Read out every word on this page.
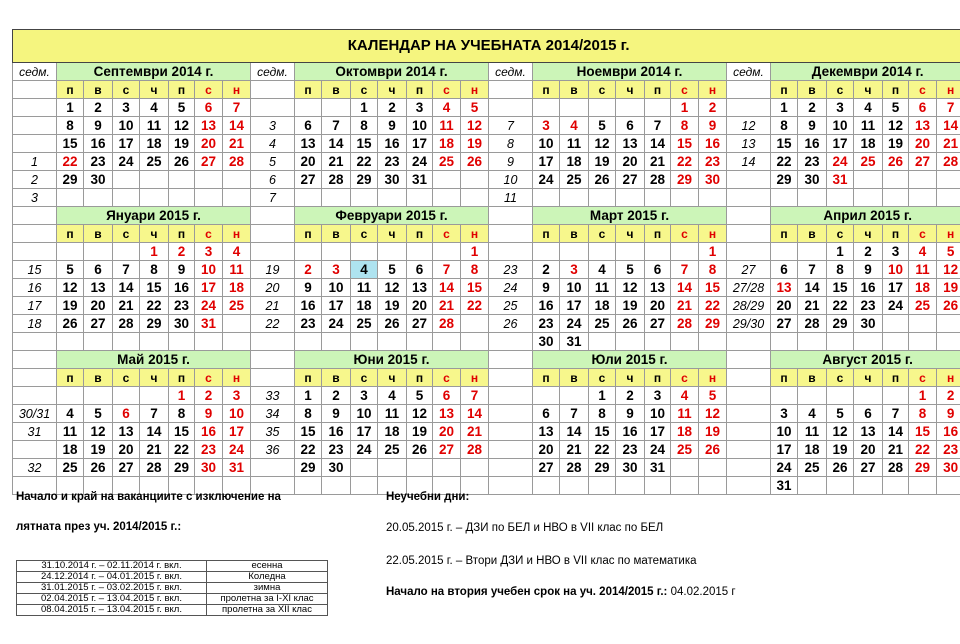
КАЛЕНДАР НА УЧЕБНАТА 2014/2015 г.																															
седм.	Септември 2014 г.							седм.	Октомври 2014 г.							седм.	Ноември 2014 г.							седм.	Декември 2014 г.						
	п	в	с	ч	п	с	н		п	в	с	ч	п	с	н		п	в	с	ч	п	с	н		п	в	с	ч	п	с	н
	1	2	3	4	5	6	7				1	2	3	4	5							1	2		1	2	3	4	5	6	7
	8	9	10	11	12	13	14	3	6	7	8	9	10	11	12	7	3	4	5	6	7	8	9	12	8	9	10	11	12	13	14
	15	16	17	18	19	20	21	4	13	14	15	16	17	18	19	8	10	11	12	13	14	15	16	13	15	16	17	18	19	20	21
1	22	23	24	25	26	27	28	5	20	21	22	23	24	25	26	9	17	18	19	20	21	22	23	14	22	23	24	25	26	27	28
2	29	30						6	27	28	29	30	31			10	24	25	26	27	28	29	30		29	30	31				
3								7								11															
	Януари 2015 г.								Февруари 2015 г.								Март 2015 г.								Април 2015 г.						
	п	в	с	ч	п	с	н		п	в	с	ч	п	с	н		п	в	с	ч	п	с	н		п	в	с	ч	п	с	н
				1	2	3	4								1								1				1	2	3	4	5
15	5	6	7	8	9	10	11	19	2	3	4	5	6	7	8	23	2	3	4	5	6	7	8	27	6	7	8	9	10	11	12
16	12	13	14	15	16	17	18	20	9	10	11	12	13	14	15	24	9	10	11	12	13	14	15	27/28	13	14	15	16	17	18	19
17	19	20	21	22	23	24	25	21	16	17	18	19	20	21	22	25	16	17	18	19	20	21	22	28/29	20	21	22	23	24	25	26
18	26	27	28	29	30	31		22	23	24	25	26	27	28		26	23	24	25	26	27	28	29	29/30	27	28	29	30			
																	30	31													
	Май 2015 г.								Юни 2015 г.								Юли 2015 г.								Август 2015 г.						
	п	в	с	ч	п	с	н		п	в	с	ч	п	с	н		п	в	с	ч	п	с	н		п	в	с	ч	п	с	н
					1	2	3	33	1	2	3	4	5	6	7				1	2	3	4	5							1	2
30/31	4	5	6	7	8	9	10	34	8	9	10	11	12	13	14		6	7	8	9	10	11	12		3	4	5	6	7	8	9
31	11	12	13	14	15	16	17	35	15	16	17	18	19	20	21		13	14	15	16	17	18	19		10	11	12	13	14	15	16
	18	19	20	21	22	23	24	36	22	23	24	25	26	27	28		20	21	22	23	24	25	26		17	18	19	20	21	22	23
32	25	26	27	28	29	30	31		29	30							27	28	29	30	31				24	25	26	27	28	29	30
																									31						
Начало и край на ваканциите с изключение на
лятната през уч. 2014/2015 г.:
31.10.2014 г. – 02.11.2014 г. вкл.	есенна
24.12.2014 г. – 04.01.2015 г. вкл.	Коледна
31.01.2015 г. – 03.02.2015 г. вкл.	зимна
02.04.2015 г. – 13.04.2015 г. вкл.	пролетна за I-XI клас
08.04.2015 г. – 13.04.2015 г. вкл.	пролетна за XII клас
Неучебни дни:
20.05.2015 г. – ДЗИ по БЕЛ и НВО в VII клас по БЕЛ
22.05.2015 г. – Втори ДЗИ и НВО в VII клас по математика
Начало на втория учебен срок на уч. 2014/2015 г.: 04.02.2015 г
